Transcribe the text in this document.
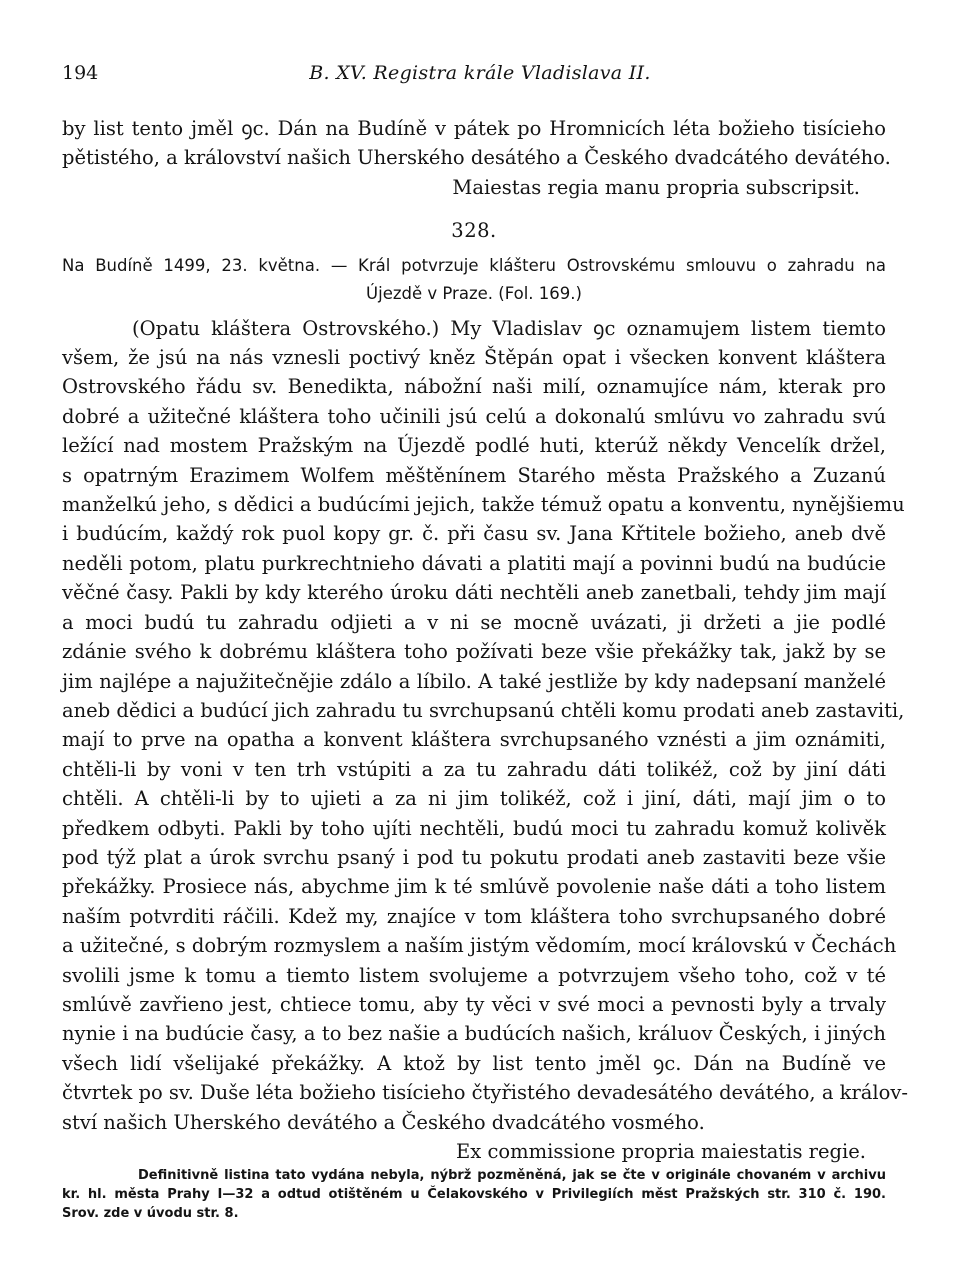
194	B. XV. Registra krále Vladislava II.
by list tento jměl ꝯc. Dán na Budíně v pátek po Hromnicích léta božieho tisícieho
pětistého, a království našich Uherského desátého a Českého dvadcátého devátého.
Maiestas regia manu propria subscripsit.
328.
Na Budíně 1499, 23. května. — Král potvrzuje klášteru Ostrovskému smlouvu o zahradu na
Újezdě v Praze. (Fol. 169.)
(Opatu kláštera Ostrovského.) My Vladislav ꝯc oznamujem listem tiemto
všem, že jsú na nás vznesli poctivý kněz Štěpán opat i všecken konvent kláštera
Ostrovského řádu sv. Benedikta, nábožní naši milí, oznamujíce nám, kterak pro
dobré a užitečné kláštera toho učinili jsú celú a dokonalú smlúvu vo zahradu svú
ležící nad mostem Pražským na Újezdě podlé huti, kterúž někdy Vencelík držel,
s opatrným Erazimem Wolfem měštěnínem Starého města Pražského a Zuzanú
manželkú jeho, s dědici a budúcími jejich, takže témuž opatu a konventu, nynějšiemu
i budúcím, každý rok puol kopy gr. č. při času sv. Jana Křtitele božieho, aneb dvě
neděli potom, platu purkrechtnieho dávati a platiti mají a povinni budú na budúcie
věčné časy. Pakli by kdy kterého úroku dáti nechtěli aneb zanetbali, tehdy jim mají
a moci budú tu zahradu odjieti a v ni se mocně uvázati, ji držeti a jie podlé
zdánie svého k dobrému kláštera toho požívati beze všie překážky tak, jakž by se
jim najlépe a najužitečnějie zdálo a líbilo. A také jestliže by kdy nadepsaní manželé
aneb dědici a budúcí jich zahradu tu svrchupsanú chtěli komu prodati aneb zastaviti,
mají to prve na opatha a konvent kláštera svrchupsaného vznésti a jim oznámiti,
chtěli-li by voni v ten trh vstúpiti a za tu zahradu dáti tolikéž, což by jiní dáti
chtěli. A chtěli-li by to ujieti a za ni jim tolikéž, což i jiní, dáti, mají jim o to
předkem odbyti. Pakli by toho ujíti nechtěli, budú moci tu zahradu komuž kolivěk
pod týž plat a úrok svrchu psaný i pod tu pokutu prodati aneb zastaviti beze všie
překážky. Prosiece nás, abychme jim k té smlúvě povolenie naše dáti a toho listem
naším potvrditi ráčili. Kdež my, znajíce v tom kláštera toho svrchupsaného dobré
a užitečné, s dobrým rozmyslem a naším jistým vědomím, mocí královskú v Čechách
svolili jsme k tomu a tiemto listem svolujeme a potvrzujem všeho toho, což v té
smlúvě zavřieno jest, chtiece tomu, aby ty věci v své moci a pevnosti byly a trvaly
nynie i na budúcie časy, a to bez našie a budúcích našich, králuov Českých, i jiných
všech lidí všelijaké překážky. A ktož by list tento jměl ꝯc. Dán na Budíně ve
čtvrtek po sv. Duše léta božieho tisícieho čtyřistého devadesátého devátého, a králov-
ství našich Uherského devátého a Českého dvadcátého vosmého.
Ex commissione propria maiestatis regie.
Definitivně listina tato vydána nebyla, nýbrž pozměněná, jak se čte v originále chovaném v archivu
kr. hl. města Prahy I—32 a odtud otištěném u Čelakovského v Privilegiích měst Pražských str. 310 č. 190.
Srov. zde v úvodu str. 8.
